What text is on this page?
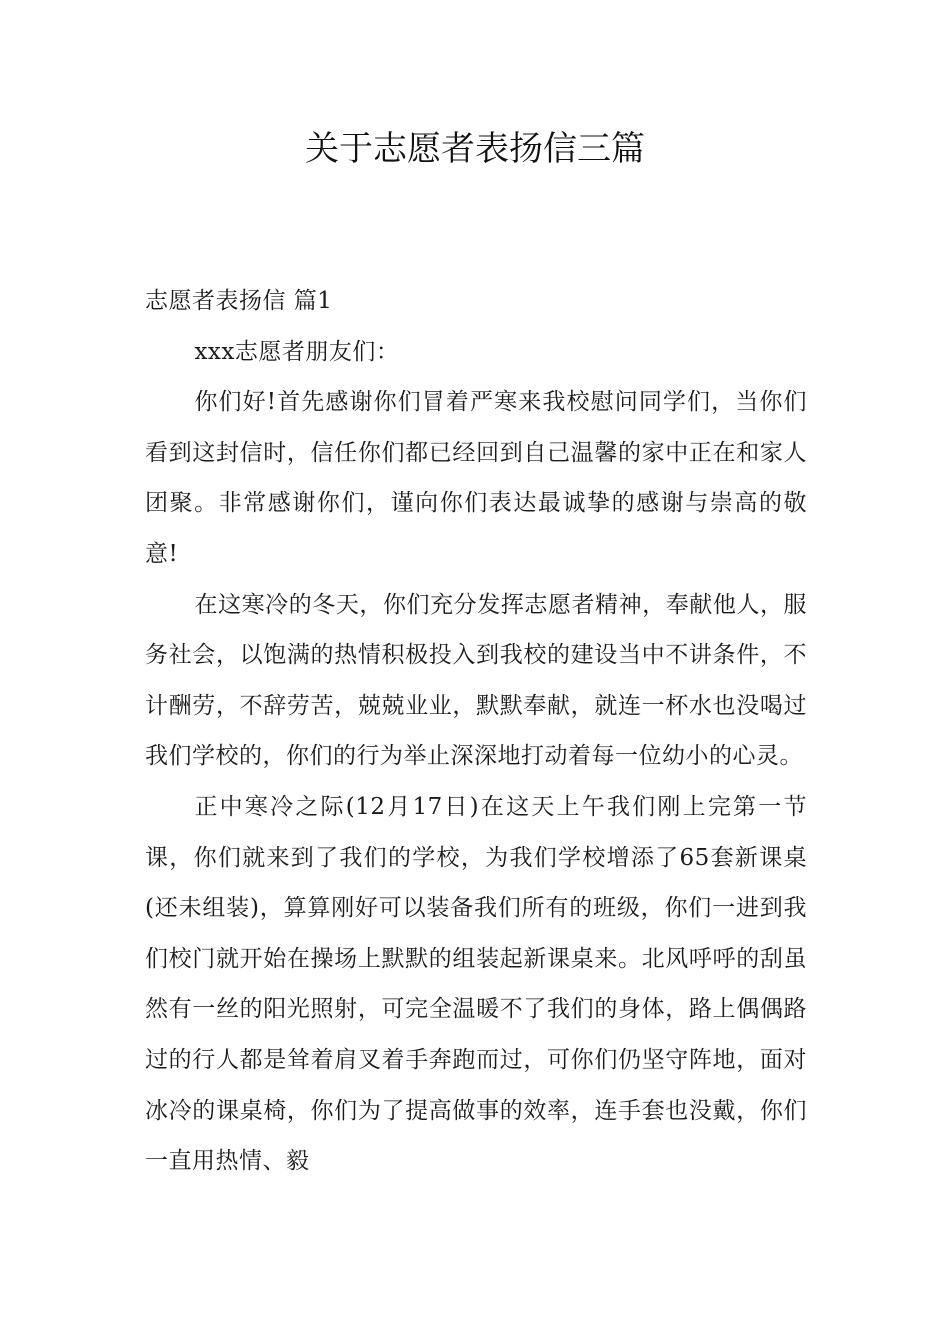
关于志愿者表扬信三篇

志愿者表扬信 篇1

xxx志愿者朋友们：

你们好!首先感谢你们冒着严寒来我校慰问同学们，当你们看到这封信时，信任你们都已经回到自己温馨的家中正在和家人团聚。非常感谢你们，谨向你们表达最诚挚的感谢与崇高的敬意!

在这寒冷的冬天，你们充分发挥志愿者精神，奉献他人，服务社会，以饱满的热情积极投入到我校的建设当中不讲条件，不计酬劳，不辞劳苦，兢兢业业，默默奉献，就连一杯水也没喝过我们学校的，你们的行为举止深深地打动着每一位幼小的心灵。

正中寒冷之际(12月17日)在这天上午我们刚上完第一节课，你们就来到了我们的学校，为我们学校增添了65套新课桌(还未组装)，算算刚好可以装备我们所有的班级，你们一进到我们校门就开始在操场上默默的组装起新课桌来。北风呼呼的刮虽然有一丝的阳光照射，可完全温暖不了我们的身体，路上偶偶路过的行人都是耸着肩叉着手奔跑而过，可你们仍坚守阵地，面对冰冷的课桌椅，你们为了提高做事的效率，连手套也没戴，你们一直用热情、毅
